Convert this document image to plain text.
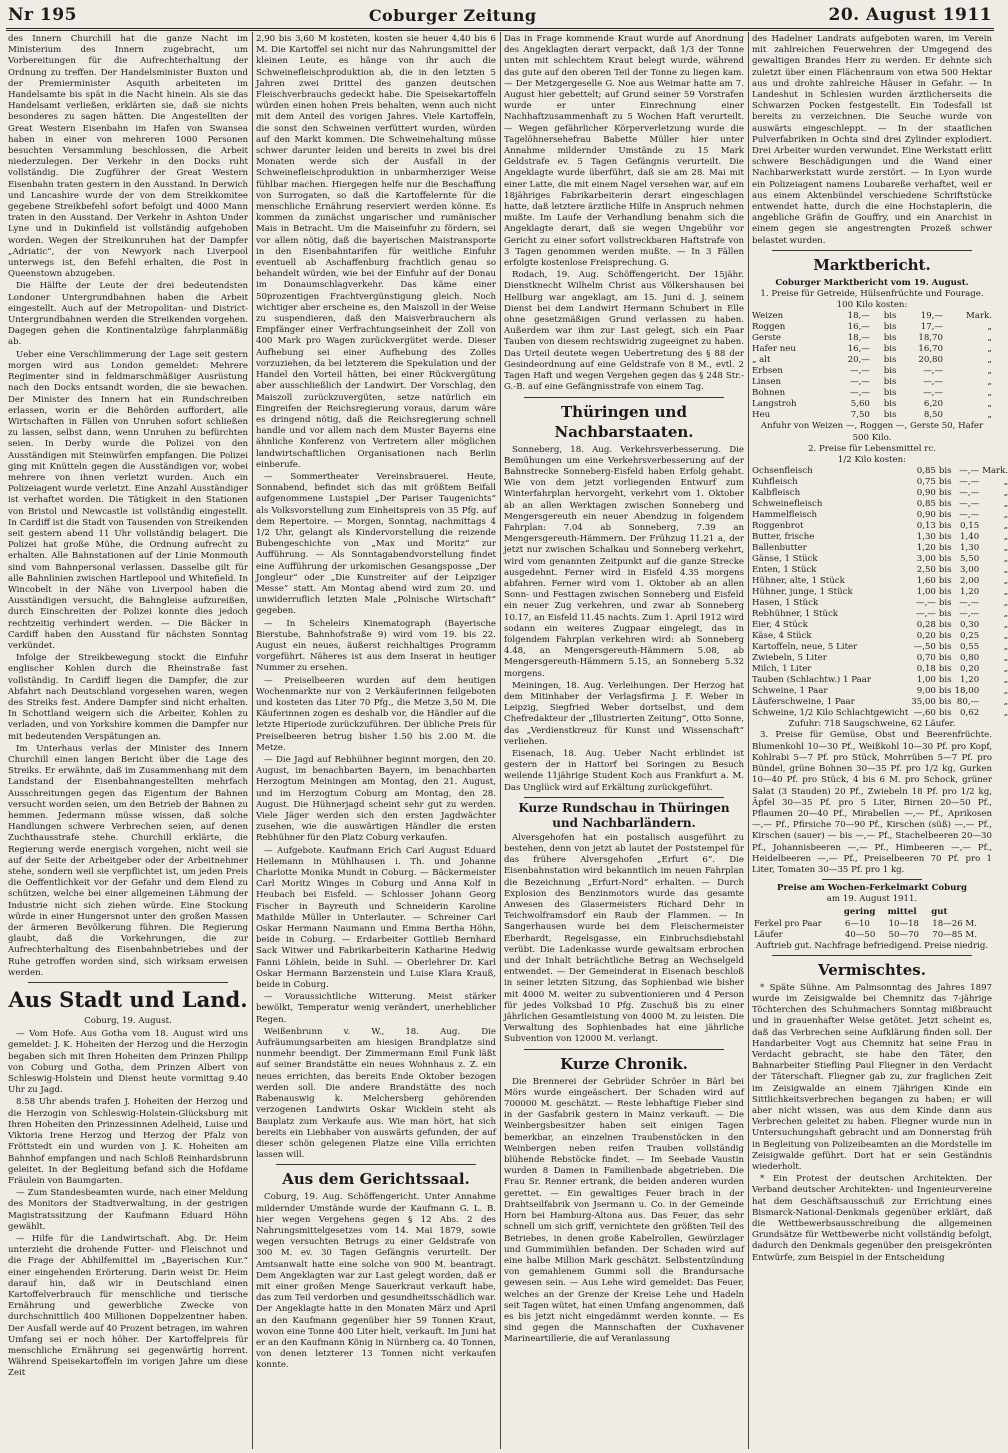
Nr 195	Coburger Zeitung	20. August 1911

des Innern Churchill hat die ganze Nacht im Ministerium des Innern zugebracht, um Vorbereitungen für die Aufrechterhaltung der Ordnung zu treffen. Der Handelsminister Buxton und der Premierminister Asquith arbeiteten im Handelsamte bis spät in die Nacht hinein. Als sie das Handelsamt verließen, erklärten sie, daß sie nichts besonderes zu sagen hätten. Die Angestellten der Great Western Eisenbahn im Hafen von Swansea haben in einer von mehreren 1000 Personen besuchten Versammlung beschlossen, die Arbeit niederzulegen. Der Verkehr in den Docks ruht vollständig. Die Zugführer der Great Western Eisenbahn traten gestern in den Ausstand. In Derwich und Lancashire wurde der von dem Streikkomitee gegebene Streikbefehl sofort befolgt und 4000 Mann traten in den Ausstand. Der Verkehr in Ashton Under Lyne und in Dukinfield ist vollständig aufgehoben worden. Wegen der Streikunruhen hat der Dampfer „Adriatic“, der von Newyork nach Liverpool unterwegs ist, den Befehl erhalten, die Post in Queenstown abzugeben.

Die Hälfte der Leute der drei bedeutendsten Londoner Untergrundbahnen haben die Arbeit eingestellt. Auch auf der Metropolitan- und District-Untergrundbahnen werden die Streikenden vorgehen. Dagegen gehen die Kontinentalzüge fahrplanmäßig ab.

Ueber eine Verschlimmerung der Lage seit gestern morgen wird aus London gemeldet: Mehrere Regimenter sind in feldmarschmäßiger Ausrüstung nach den Docks entsandt worden, die sie bewachen. Der Minister des Innern hat ein Rundschreiben erlassen, worin er die Behörden auffordert, alle Wirtschaften in Fällen von Unruhen sofort schließen zu lassen, selbst dann, wenn Unruhen zu befürchten seien. In Derby wurde die Polizei von den Ausständigen mit Steinwürfen empfangen. Die Polizei ging mit Knütteln gegen die Ausständigen vor, wobei mehrere von ihnen verletzt wurden. Auch ein Polizeiagent wurde verletzt. Eine Anzahl Ausständiger ist verhaftet worden. Die Tätigkeit in den Stationen von Bristol und Newcastle ist vollständig eingestellt. In Cardiff ist die Stadt von Tausenden von Streikenden seit gestern abend 11 Uhr vollständig belagert. Die Polizei hat große Mühe, die Ordnung aufrecht zu erhalten. Alle Bahnstationen auf der Linie Monmouth sind vom Bahnpersonal verlassen. Dasselbe gilt für alle Bahnlinien zwischen Hartlepool und Whitefield. In Wincobelt in der Nähe von Liverpool haben die Ausständigen versucht, die Bahngleise aufzureißen, durch Einschreiten der Polizei konnte dies jedoch rechtzeitig verhindert werden. — Die Bäcker in Cardiff haben den Ausstand für nächsten Sonntag verkündet.

Infolge der Streikbewegung stockt die Einfuhr englischer Kohlen durch die Rheinstraße fast vollständig. In Cardiff liegen die Dampfer, die zur Abfahrt nach Deutschland vorgesehen waren, wegen des Streiks fest. Andere Dampfer sind nicht erhalten. In Schottland weigern sich die Arbeiter, Kohlen zu verladen, und von Yorkshire kommen die Dampfer nur mit bedeutenden Verspätungen an.

Im Unterhaus verlas der Minister des Innern Churchill einen langen Bericht über die Lage des Streiks. Er erwähnte, daß im Zusammenhang mit dem Landstand der Eisenbahnangestellten mehrfach Ausschreitungen gegen das Eigentum der Bahnen versucht worden seien, um den Betrieb der Bahnen zu hemmen. Jedermann müsse wissen, daß solche Handlungen schwere Verbrechen seien, auf denen Zuchthausstrafe stehe. Churchill erklärte, die Regierung werde energisch vorgehen, nicht weil sie auf der Seite der Arbeitgeber oder der Arbeitnehmer stehe, sondern weil sie verpflichtet ist, um jeden Preis die Oeffentlichkeit vor der Gefahr und dem Elend zu schützen, welche bei einer allgemeinen Lähmung der Industrie nicht sich ziehen würde. Eine Stockung würde in einer Hungersnot unter den großen Massen der ärmeren Bevölkerung führen. Die Regierung glaubt, daß die Vorkehrungen, die zur Aufrechterhaltung des Eisenbahnbetriebes und der Ruhe getroffen worden sind, sich wirksam erweisen werden.

Aus Stadt und Land.
Coburg, 19. August.

— Vom Hofe. Aus Gotha vom 18. August wird uns gemeldet: J. K. Hoheiten der Herzog und die Herzogin begaben sich mit Ihren Hoheiten dem Prinzen Philipp von Coburg und Gotha, dem Prinzen Albert von Schleswig-Holstein und Dienst heute vormittag 9.40 Uhr zu Jagd.

8.58 Uhr abends trafen J. Hoheiten der Herzog und die Herzogin von Schleswig-Holstein-Glücksburg mit Ihren Hoheiten den Prinzessinnen Adelheid, Luise und Viktoria Irene Herzog und Herzog der Pfalz von Fröttstedt ein und wurden von J. K. Hoheiten am Bahnhof empfangen und nach Schloß Reinhardsbrunn geleitet. In der Begleitung befand sich die Hofdame Fräulein von Baumgarten.

— Zum Standesbeamten wurde, nach einer Meldung des Monitors der Stadtverwaltung, in der gestrigen Magistratssitzung der Kaufmann Eduard Höhn gewählt.

— Hilfe für die Landwirtschaft. Abg. Dr. Heim unterzieht die drohende Futter- und Fleischnot und die Frage der Abhilfemittel im „Bayerischen Kur.“ einer eingehenden Erörterung. Darin weist Dr. Heim darauf hin, daß wir in Deutschland einen Kartoffelverbrauch für menschliche und tierische Ernährung und gewerbliche Zwecke von durchschnittlich 400 Millionen Doppelzentner haben. Der Ausfall werde auf 40 Prozent betragen, im wahren Umfang sei er noch höher. Der Kartoffelpreis für menschliche Ernährung sei gegenwärtig horrent. Während Speisekartoffeln im vorigen Jahre um diese Zeit

2,90 bis 3,60 M kosteten, kosten sie heuer 4,40 bis 6 M. Die Kartoffel sei nicht nur das Nahrungsmittel der kleinen Leute, es hänge von ihr auch die Schweinefleischproduktion ab, die in den letzten 5 Jahren zwei Drittel des ganzen deutschen Fleischverbrauchs gedeckt habe. Die Speisekartoffeln würden einen hohen Preis behalten, wenn auch nicht mit dem Anteil des vorigen Jahres. Viele Kartoffeln, die sonst den Schweinen verfüttert wurden, würden auf den Markt kommen. Die Schweinehaltung müsse schwer darunter leiden und bereits in zwei bis drei Monaten werde sich der Ausfall in der Schweinefleischproduktion in unbarmherziger Weise fühlbar machen. Hiergegen helfe nur die Beschaffung von Surrogaten, so daß die Kartoffelernte für die menschliche Ernährung reserviert werden könne. Es kommen da zunächst ungarischer und rumänischer Mais in Betracht. Um die Maiseinfuhr zu fördern, sei vor allem nötig, daß die bayerischen Maistransporte in den Eisenbahntarifen für weitliche Einfuhr eventuell ab Aschaffenburg frachtlich genau so behandelt würden, wie bei der Einfuhr auf der Donau im Donaumschlagverkehr. Das käme einer 50prozentigen Frachtvergünstigung gleich. Noch wichtiger aber erscheine es, den Maiszoll in der Weise zu suspendieren, daß den Maisverbrauchern als Empfänger einer Verfrachtungseinheit der Zoll von 400 Mark pro Wagen zurückvergütet werde. Dieser Aufhebung sei einer Aufhebung des Zolles vorzuziehen, da bei letzterem die Spekulation und der Handel den Vorteil hätten, bei einer Rückvergütung aber ausschließlich der Landwirt. Der Vorschlag, den Maiszoll zurückzuvergüten, setze natürlich ein Eingreifen der Reichsregierung voraus, darum wäre es dringend nötig, daß die Reichsregierung schnell handle und vor allem nach dem Muster Bayerns eine ähnliche Konferenz von Vertretern aller möglichen landwirtschaftlichen Organisationen nach Berlin einberufe.

— Sommertheater Vereinsbrauerei. Heute, Sonnabend, befindet sich das mit größtem Beifall aufgenommene Lustspiel „Der Pariser Taugenichts“ als Volksvorstellung zum Einheitspreis von 35 Pfg. auf dem Repertoire. — Morgen, Sonntag, nachmittags 4 1/2 Uhr, gelangt als Kindervorstellung die reizende Bubengeschichte von „Max und Moritz“ zur Aufführung. — Als Sonntagabendvorstellung findet eine Aufführung der urkomischen Gesangsposse „Der Jongleur“ oder „Die Kunstreiter auf der Leipziger Messe“ statt. Am Montag abend wird zum 20. und unwiderruflich letzten Male „Polnische Wirtschaft“ gegeben.

— In Scheleirs Kinematograph (Bayerische Bierstube, Bahnhofstraße 9) wird vom 19. bis 22. August ein neues, äußerst reichhaltiges Programm vorgeführt. Näheres ist aus dem Inserat in heutiger Nummer zu ersehen.

— Preiselbeeren wurden auf dem heutigen Wochenmarkte nur von 2 Verkäuferinnen feilgeboten und kosteten das Liter 70 Pfg., die Metze 3,50 M. Die Käuferinnen zogen es deshalb vor, die Händler auf die letzte Hiperiode zurückzuführen. Der übliche Preis für Preiselbeeren betrug bisher 1.50 bis 2.00 M. die Metze.

— Die Jagd auf Rebhühner beginnt morgen, den 20. August, im benachbarten Bayern, im benachbarten Herzogtum Meiningen am Montag, den 21. August, und im Herzogtum Coburg am Montag, den 28. August. Die Hühnerjagd scheint sehr gut zu werden. Viele Jäger werden sich den ersten Jagdwächter zusehen, wie die auswärtigen Händler die ersten Rebhühner für den Platz Coburg verkaufen.

— Aufgebote. Kaufmann Erich Carl August Eduard Heilemann in Mühlhausen i. Th. und Johanne Charlotte Monika Mundt in Coburg. — Bäckermeister Carl Moritz Winges in Coburg und Anna Kolf in Heubach bei Eisfeld. — Schlosser Johann Georg Fischer in Bayreuth und Schneiderin Karoline Mathilde Müller in Unterlauter. — Schreiner Carl Oskar Hermann Naumann und Emma Bertha Höhn, beide in Coburg. — Erdarbeiter Gottlieb Bernhard Sack Witwer und Fabrikarbeiterin Katharine Hedwig Fanni Löhlein, beide in Suhl. — Oberlehrer Dr. Karl Oskar Hermann Barzenstein und Luise Klara Krauß, beide in Coburg.

— Voraussichtliche Witterung. Meist stärker bewölkt, Temperatur wenig verändert, unerheblicher Regen.

Weißenbrunn v. W., 18. Aug. Die Aufräumungsarbeiten am hiesigen Brandplatze sind nunmehr beendigt. Der Zimmermann Emil Funk läßt auf seiner Brandstätte ein neues Wohnhaus z. Z. ein neues errichten, das bereits Ende Oktober bezogen werden soll. Die andere Brandstätte des noch Rabenauswig k. Melchersberg gehörenden verzogenen Landwirts Oskar Wicklein steht als Bauplatz zum Verkaufe aus. Wie man hört, hat sich bereits ein Liebhaber von auswärts gefunden, der auf dieser schön gelegenen Platze eine Villa errichten lassen will.

Aus dem Gerichtssaal.

Coburg, 19. Aug. Schöffengericht. Unter Annahme mildernder Umstände wurde der Kaufmann G. L. B. hier wegen Vergehens gegen § 12 Abs. 2 des Nahrungsmittelgesetzes vom 14. Mai 1879, sowie wegen versuchten Betrugs zu einer Geldstrafe von 300 M. ev. 30 Tagen Gefängnis verurteilt. Der Amtsanwalt hatte eine solche von 900 M. beantragt. Dem Angeklagten war zur Last gelegt worden, daß er mit einer großen Menge Sauerkraut verkauft habe, das zum Teil verdorben und gesundheitsschädlich war. Der Angeklagte hatte in den Monaten März und April an den Kaufmann gegenüber hier 59 Tonnen Kraut, wovon eine Tonne 400 Liter hielt, verkauft. Im Juni hat er an den Kaufmann König in Nürnberg ca. 40 Tonnen, von denen letzterer 13 Tonnen nicht verkaufen konnte.

Das in Frage kommende Kraut wurde auf Anordnung des Angeklagten derart verpackt, daß 1/3 der Tonne unten mit schlechtem Kraut belegt wurde, während das gute auf den oberen Teil der Tonne zu liegen kam. — Der Metzgergeselle G. Noe aus Weimar hatte am 7. August hier gebettelt; auf Grund seiner 59 Vorstrafen wurde er unter Einrechnung einer Nachhaftzusammenhaft zu 5 Wochen Haft verurteilt. — Wegen gefährlicher Körperverletzung wurde die Tagelöhnersehefrau Babette Müller hier unter Annahme mildernder Umstände zu 15 Mark Geldstrafe ev. 5 Tagen Gefängnis verurteilt. Die Angeklagte wurde überführt, daß sie am 28. Mai mit einer Latte, die mit einem Nagel versehen war, auf ein 18jähriges Fabrikarbeiterin derart eingeschlagen hatte, daß letztere ärztliche Hilfe in Anspruch nehmen mußte. Im Laufe der Verhandlung benahm sich die Angeklagte derart, daß sie wegen Ungebühr vor Gericht zu einer sofort vollstreckbaren Haftstrafe von 3 Tagen genommen werden mußte. — In 3 Fällen erfolgte kostenlose Freisprechung. G.

Rodach, 19. Aug. Schöffengericht. Der 15jähr. Dienstknecht Wilhelm Christ aus Völkershausen bei Hellburg war angeklagt, am 15. Juni d. J. seinem Dienst bei dem Landwirt Hermann Schubert in Elle ohne gesetzmäßigen Grund verlassen zu haben. Außerdem war ihm zur Last gelegt, sich ein Paar Tauben von diesem rechtswidrig zugeeignet zu haben. Das Urteil deutete wegen Uebertretung des § 88 der Gesindeordnung auf eine Geldstrafe von 8 M., evtl. 2 Tagen Haft und wegen Vergehen gegen das § 248 Str.-G.-B. auf eine Gefängnisstrafe von einem Tag.

Thüringen und Nachbarstaaten.

Sonneberg, 18. Aug. Verkehrsverbesserung. Die Bemühungen um eine Verkehrsverbesserung auf der Bahnstrecke Sonneberg-Eisfeld haben Erfolg gehabt. Wie von dem jetzt vorliegenden Entwurf zum Winterfahrplan hervorgeht, verkehrt vom 1. Oktober ab an allen Werktagen zwischen Sonneberg und Mengersgereuth ein neuer Abendzug in folgendem Fahrplan: 7.04 ab Sonneberg, 7.39 an Mengersgereuth-Hämmern. Der Frühzug 11.21 a, der jetzt nur zwischen Schalkau und Sonneberg verkehrt, wird vom genannten Zeitpunkt auf die ganze Strecke ausgedehnt. Ferner wird in Eisfeld 4.35 morgens abfahren. Ferner wird vom 1. Oktober ab an allen Sonn- und Festtagen zwischen Sonneberg und Eisfeld ein neuer Zug verkehren, und zwar ab Sonneberg 10.17, an Eisfeld 11.45 nachts. Zum 1. April 1912 wird sodann ein weiteres Zugpaar eingelegt, das in folgendem Fahrplan verkehren wird: ab Sonneberg 4.48, an Mengersgereuth-Hämmern 5.08, ab Mengersgereuth-Hämmern 5.15, an Sonneberg 5.32 morgens.

Meiningen, 18. Aug. Verleihungen. Der Herzog hat dem Mitinhaber der Verlagsfirma J. F. Weber in Leipzig, Siegfried Weber dortselbst, und dem Chefredakteur der „Illustrierten Zeitung“, Otto Sonne, das „Verdienstkreuz für Kunst und Wissenschaft“ verliehen.

Eisenach, 18. Aug. Ueber Nacht erblindet ist gestern der in Hattorf bei Soringen zu Besuch weilende 11jährige Student Koch aus Frankfurt a. M. Das Unglück wird auf Erkältung zurückgeführt.

Kurze Rundschau in Thüringen und Nachbarländern.

Alversgehofen hat ein postalisch ausgeführt zu bestehen, denn von jetzt ab lautet der Poststempel für das frühere Alversgehofen „Erfurt 6“. Die Eisenbahnstation wird bekanntlich im neuen Fahrplan die Bezeichnung „Erfurt-Nord“ erhalten. — Durch Explosion des Benzinmotors wurde das gesamte Anwesen des Glasermeisters Richard Dehr in Teichwolframsdorf ein Raub der Flammen. — In Sangerhausen wurde bei dem Fleischermeister Eberhardt, Regelsgasse, ein Einbruchsdiebstahl verübt. Die Ladenkasse wurde gewaltsam erbrochen und der Inhalt beträchtliche Betrag an Wechselgeld entwendet. — Der Gemeinderat in Eisenach beschloß in seiner letzten Sitzung, das Sophienbad wie bisher mit 4000 M. weiter zu subventionieren und 4 Person für jedes Volksbad 10 Pfg. Zuschuß bis zu einer jährlichen Gesamtleistung von 4000 M. zu leisten. Die Verwaltung des Sophienbades hat eine jährliche Subvention von 12000 M. verlangt.

Kurze Chronik.

Die Brennerei der Gebrüder Schröer in Bärl bei Mörs wurde eingeäschert. Der Schaden wird auf 700000 M. geschätzt. — Reste lebhaftige Fieber sind in der Gasfabrik gestern in Mainz verkauft. — Die Weinbergsbesitzer haben seit einigen Tagen bemerkbar, an einzelnen Traubenstöcken in den Weinbergen neben reifen Trauben vollständig blühende Rebstöcke findet. — Im Seebade Vaustin wurden 8 Damen in Familienbade abgetrieben. Die Frau Sr. Renner ertrank, die beiden anderen wurden gerettet. — Ein gewaltiges Feuer brach in der Drahtseilfabrik von Jsermann u. Co. in der Gemeinde Horn bei Hamburg-Altona aus. Das Feuer, das sehr schnell um sich griff, vernichtete den größten Teil des Betriebes, in denen große Kabelrollen, Gewürzlager und Gummimühlen befanden. Der Schaden wird auf eine halbe Million Mark geschätzt. Selbstentzündung von gemahlenem Gummi soll die Brandursache gewesen sein. — Aus Lehe wird gemeldet: Das Feuer, welches an der Grenze der Kreise Lehe und Hadeln seit Tagen wütet, hat einen Umfang angenommen, daß es bis jetzt nicht eingedämmt werden konnte. — Es sind gegen die Mannschaften der Cuxhavener Marineartillerie, die auf Veranlassung

des Hadelner Landrats aufgeboten waren, im Verein mit zahlreichen Feuerwehren der Umgegend des gewaltigen Brandes Herr zu werden. Er dehnte sich zuletzt über einen Flächenraum von etwa 500 Hektar aus und drohte zahlreiche Häuser in Gefahr. — In Landeshut in Schlesien wurden ärztlicherseits die Schwarzen Pocken festgestellt. Ein Todesfall ist bereits zu verzeichnen. Die Seuche wurde von auswärts eingeschleppt. — In der staatlichen Pulverfabriken in Ochta sind drei Zylinder explodiert. Drei Arbeiter wurden verwundet. Eine Werkstatt erlitt schwere Beschädigungen und die Wand einer Nachbarwerkstatt wurde zerstört. — In Lyon wurde ein Polizeiagent namens Loubareße verhaftet, weil er aus einem Aktenbündel verschiedene Schriftstücke entwendet hatte, durch die eine Hochstaplerin, die angebliche Gräfin de Gouffry, und ein Anarchist in einem gegen sie angestrengten Prozeß schwer belastet wurden.

Marktbericht.
Coburger Marktbericht vom 19. August.
1. Preise für Getreide, Hülsenfrüchte und Fourage.
100 Kilo kosten:
Weizen	18,—	bis	19,—	Mark.
Roggen	16,—	bis	17,—	„
Gerste	18,—	bis	18,70	„
Hafer neu	16,—	bis	16,70	„
„ alt	20,—	bis	20,80	„
Erbsen	—,—	bis	—,—	„
Linsen	—,—	bis	—,—	„
Bohnen	—,—	bis	—,—	„
Langstroh	5,60	bis	6,20	„
Heu	7,50	bis	8,50	„
Anfuhr von Weizen —, Roggen —, Gerste 50, Hafer 500 Kilo.
2. Preise für Lebensmittel rc.
1/2 Kilo kosten:
Ochsenfleisch	0,85	bis	—,—	Mark.
Kuhfleisch	0,75	bis	—,—	„
Kalbfleisch	0,90	bis	—,—	„
Schweinefleisch	0,85	bis	—,—	„
Hammelfleisch	0,90	bis	—,—	„
Roggenbrot	0,13	bis	0,15	„
Butter, frische	1,30	bis	1,40	„
Ballenbutter	1,20	bis	1,30	„
Gänse, 1 Stück	3,00	bis	5,50	„
Enten, 1 Stück	2,50	bis	3,00	„
Hühner, alte, 1 Stück	1,60	bis	2,00	„
Hühner, junge, 1 Stück	1,00	bis	1,20	„
Hasen, 1 Stück	—,—	bis	—,—	„
Rebhühner, 1 Stück	—,—	bis	—,—	„
Eier, 4 Stück	0,28	bis	0,30	„
Käse, 4 Stück	0,20	bis	0,25	„
Kartoffeln, neue, 5 Liter	—,50	bis	0,55	„
Zwiebeln, 5 Liter	0,70	bis	0,80	„
Milch, 1 Liter	0,18	bis	0,20	„
Tauben (Schlachtw.) 1 Paar	1,00	bis	1,20	„
Schweine, 1 Paar	9,00	bis	18,00	„
Läuferschweine, 1 Paar	35,00	bis	80,—	„
Schweine, 1/2 Kilo Schlachtgewicht	—,60	bis	0,62	„
Zufuhr: 718 Saugschweine, 62 Läufer.

3. Preise für Gemüse, Obst und Beerenfrüchte. Blumenkohl 10—30 Pf., Weißkohl 10—30 Pf. pro Kopf, Kohlrabi 5—7 Pf. pro Stück, Mohrrüben 5—7 Pf. pro Bündel, grüne Bohnen 30—35 Pf. pro 1/2 kg, Gurken 10—40 Pf. pro Stück, 4 bis 6 M. pro Schock, grüner Salat (3 Stauden) 20 Pf., Zwiebeln 18 Pf. pro 1/2 kg, Äpfel 30—35 Pf. pro 5 Liter, Birnen 20—50 Pf., Pflaumen 20—40 Pf., Mirabellen —,— Pf., Aprikosen —,— Pf., Pfirsiche 70—90 Pf., Kirschen (süß) —,— Pf., Kirschen (sauer) — bis —,— Pf., Stachelbeeren 20—30 Pf., Johannisbeeren —,— Pf., Himbeeren —,— Pf., Heidelbeeren —,— Pf., Preiselbeeren 70 Pf. pro 1 Liter, Tomaten 30—35 Pf. pro 1 kg.

Preise am Wochen-Ferkelmarkt Coburg
am 19. August 1911.
	gering	mittel	gut
Ferkel pro Paar	6—10	10—18	18—26 M.
Läufer	40—50	50—70	70—85 M.
Auftrieb gut. Nachfrage befriedigend. Preise niedrig.
Vermischtes.

* Späte Sühne. Am Palmsonntag des Jahres 1897 wurde im Zeisigwalde bei Chemnitz das 7-jährige Töchterchen des Schuhmachers Sonntag mißbraucht und in grauenhafter Weise getötet. Jetzt scheint es, daß das Verbrechen seine Aufklärung finden soll. Der Handarbeiter Vogt aus Chemnitz hat seine Frau in Verdacht gebracht, sie habe den Täter, den Bahnarbeiter Stiefling Paul Fliegner in den Verdacht der Täterschaft. Fliegner gab zu, zur fraglichen Zeit im Zeisigwalde an einem 7jährigen Kinde ein Sittlichkeitsverbrechen begangen zu haben; er will aber nicht wissen, was aus dem Kinde dann aus Verbrechen geleitet zu haben. Fliegner wurde nun in Untersuchungshaft gebracht und am Donnerstag früh in Begleitung von Polizeibeamten an die Mordstelle im Zeisigwalde geführt. Dort hat er sein Geständnis wiederholt.

* Ein Protest der deutschen Architekten. Der Verband deutscher Architekten- und Ingenieurvereine hat dem Geschäftsausschuß zur Errichtung eines Bismarck-National-Denkmals gegenüber erklärt, daß die Wettbewerbsausschreibung die allgemeinen Grundsätze für Wettbewerbe nicht vollständig befolgt, dadurch den Denkmals gegenüber den preisgekrönten Entwürfe, zum Beispiel in der Entscheidung
